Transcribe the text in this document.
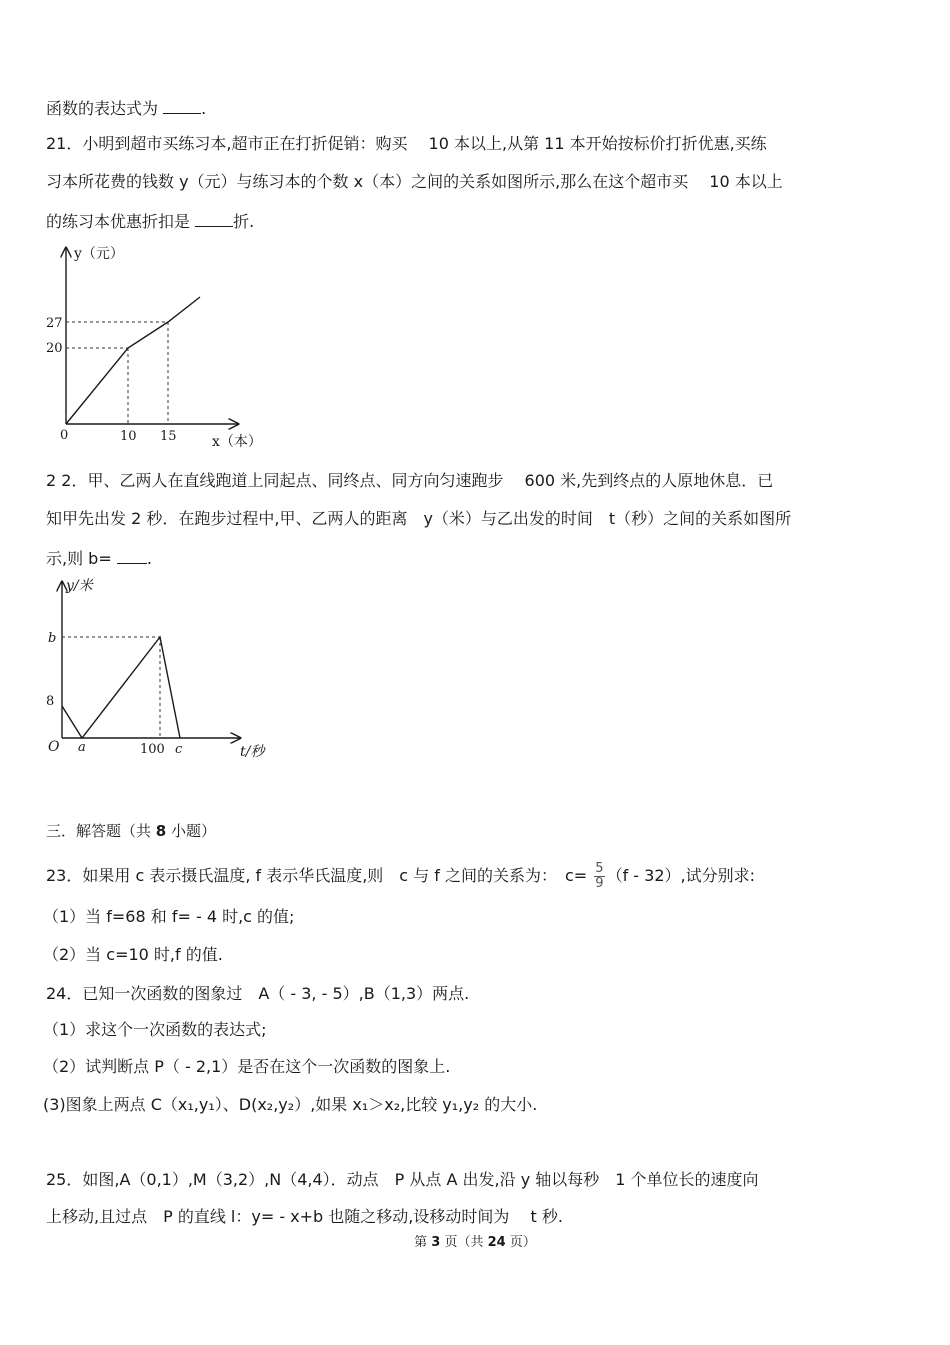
函数的表达式为	.
21．小明到超市买练习本,超市正在打折促销：购买　 10 本以上,从第 11 本开始按标价打折优惠,买练
习本所花费的钱数 y（元）与练习本的个数 x（本）之间的关系如图所示,那么在这个超市买　 10 本以上
的练习本优惠折扣是	折.
y（元）
x（本）
0	10 15
20
27
2 2．甲、乙两人在直线跑道上同起点、同终点、同方向匀速跑步　 600 米,先到终点的人原地休息．已
知甲先出发 2 秒．在跑步过程中,甲、乙两人的距离　y（米）与乙出发的时间　t（秒）之间的关系如图所
示,则 b= .
y/米
t/秒
O a	100 c
8
b
三．解答题（共 8 小题）
23．如果用 c 表示摄氏温度, f 表示华氏温度,则　c 与 f 之间的关系为：　$c= \frac{5}{9} (f - 32)$,试分别求:
（1）当 f=68 和 f= - 4 时,c 的值;
（2）当 c=10 时,f 的值.
24．已知一次函数的图象过　A（ - 3, - 5）,B（1,3）两点.
（1）求这个一次函数的表达式;
（2）试判断点 P（ - 2,1）是否在这个一次函数的图象上.
(3)图象上两点 C（x₁,y₁）、D(x₂,y₂）,如果 x₁＞x₂,比较 y₁,y₂ 的大小.
25．如图,A（0,1）,M（3,2）,N（4,4）．动点　P 从点 A 出发,沿 y 轴以每秒　1 个单位长的速度向
上移动,且过点　P 的直线 l：y= - x+b 也随之移动,设移动时间为　 t 秒.
第 3 页（共 24 页）
